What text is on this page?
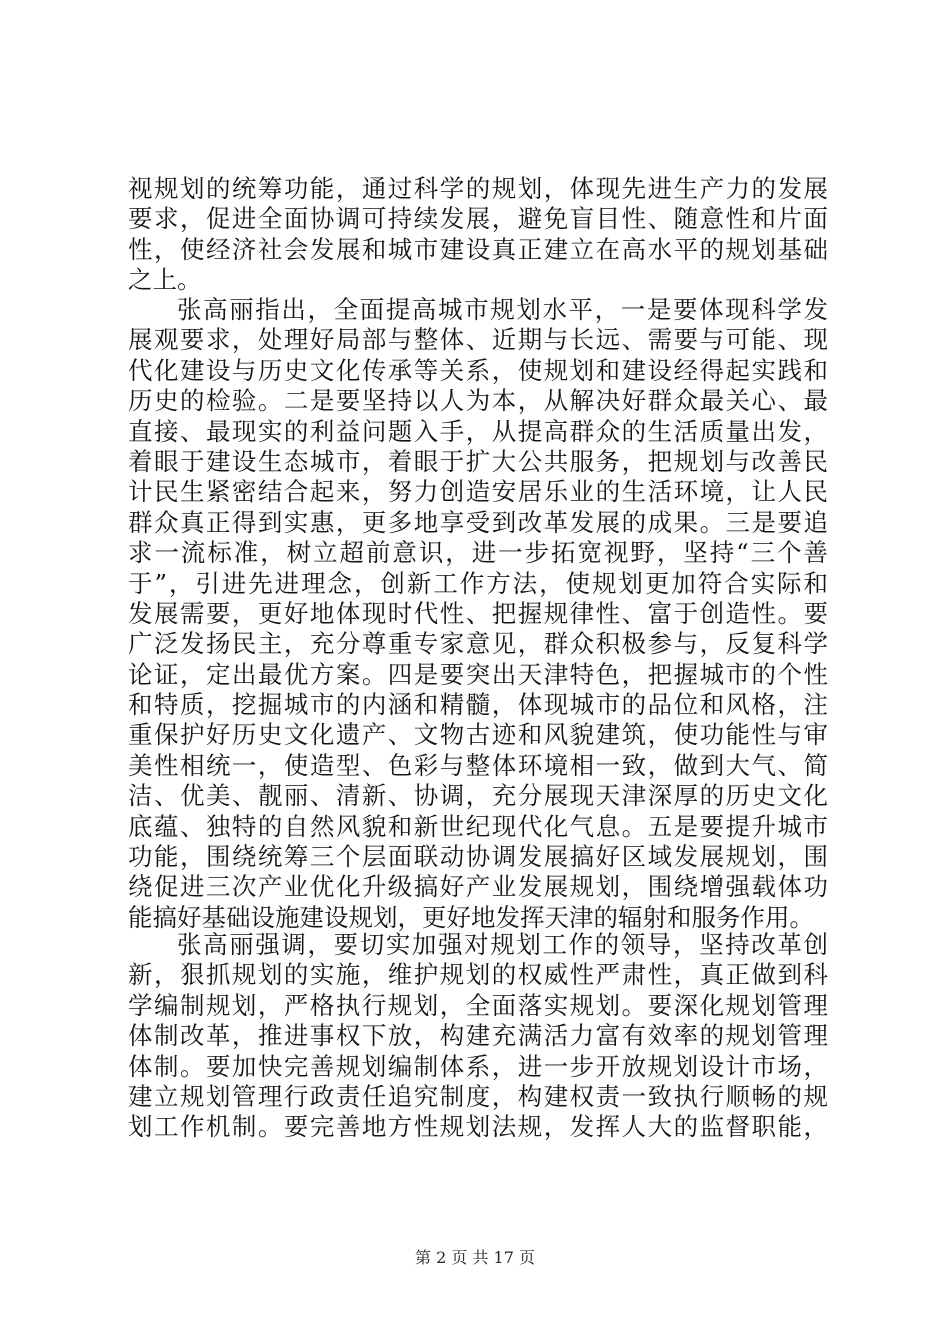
视规划的统筹功能，通过科学的规划，体现先进生产力的发展
要求，促进全面协调可持续发展，避免盲目性、随意性和片面
性，使经济社会发展和城市建设真正建立在高水平的规划基础
之上。
张高丽指出，全面提高城市规划水平，一是要体现科学发
展观要求，处理好局部与整体、近期与长远、需要与可能、现
代化建设与历史文化传承等关系，使规划和建设经得起实践和
历史的检验。二是要坚持以人为本，从解决好群众最关心、最
直接、最现实的利益问题入手，从提高群众的生活质量出发，
着眼于建设生态城市，着眼于扩大公共服务，把规划与改善民
计民生紧密结合起来，努力创造安居乐业的生活环境，让人民
群众真正得到实惠，更多地享受到改革发展的成果。三是要追
求一流标准，树立超前意识，进一步拓宽视野，坚持“三个善
于”，引进先进理念，创新工作方法，使规划更加符合实际和
发展需要，更好地体现时代性、把握规律性、富于创造性。要
广泛发扬民主，充分尊重专家意见，群众积极参与，反复科学
论证，定出最优方案。四是要突出天津特色，把握城市的个性
和特质，挖掘城市的内涵和精髓，体现城市的品位和风格，注
重保护好历史文化遗产、文物古迹和风貌建筑，使功能性与审
美性相统一，使造型、色彩与整体环境相一致，做到大气、简
洁、优美、靓丽、清新、协调，充分展现天津深厚的历史文化
底蕴、独特的自然风貌和新世纪现代化气息。五是要提升城市
功能，围绕统筹三个层面联动协调发展搞好区域发展规划，围
绕促进三次产业优化升级搞好产业发展规划，围绕增强载体功
能搞好基础设施建设规划，更好地发挥天津的辐射和服务作用。
张高丽强调，要切实加强对规划工作的领导，坚持改革创
新，狠抓规划的实施，维护规划的权威性严肃性，真正做到科
学编制规划，严格执行规划，全面落实规划。要深化规划管理
体制改革，推进事权下放，构建充满活力富有效率的规划管理
体制。要加快完善规划编制体系，进一步开放规划设计市场，
建立规划管理行政责任追究制度，构建权责一致执行顺畅的规
划工作机制。要完善地方性规划法规，发挥人大的监督职能，
第 2 页 共 17 页
